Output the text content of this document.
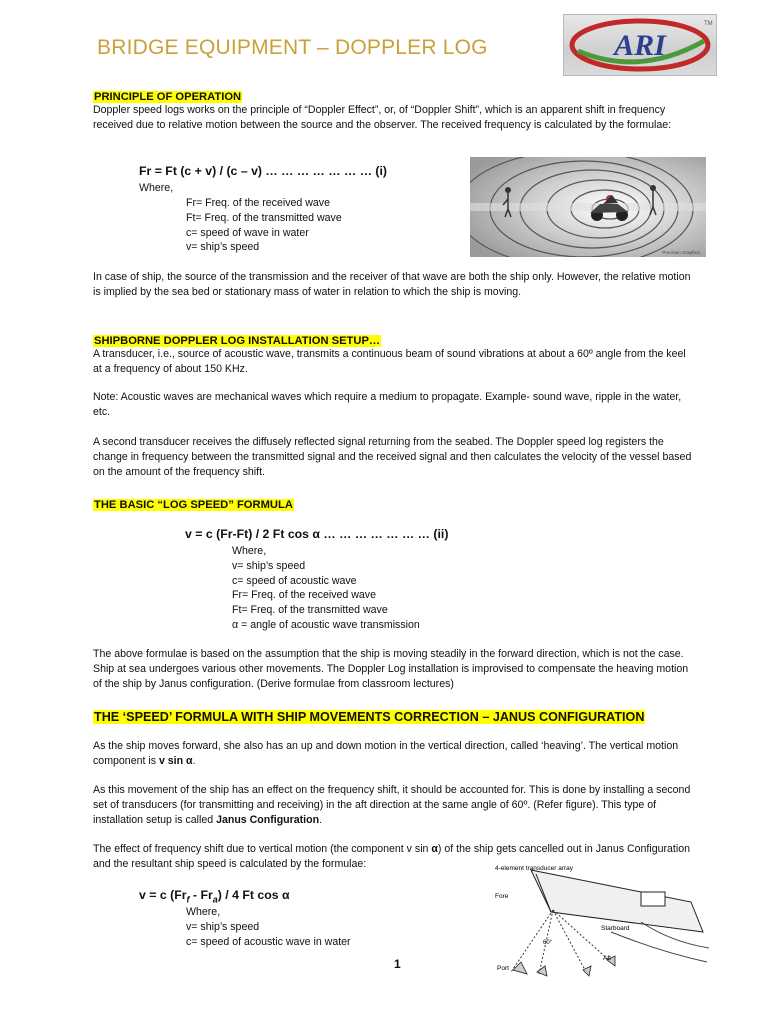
BRIDGE EQUIPMENT – DOPPLER LOG	ARI
TM
PRINCIPLE OF OPERATION

Doppler speed logs works on the principle of “Doppler Effect”, or, of “Doppler Shift”, which is an apparent shift in frequency received due to relative motion between the source and the observer. The received frequency is calculated by the formulae:

Fr = Ft (c + v) / (c – v) … … … … … … … (i)
Where,
Fr= Freq. of the received wave
Ft= Freq. of the transmitted wave
c= speed of wave in water
v= ship’s speed	Precision Graphics

In case of ship, the source of the transmission and the receiver of that wave are both the ship only. However, the relative motion is implied by the sea bed or stationary mass of water in relation to which the ship is moving.

SHIPBORNE DOPPLER LOG INSTALLATION SETUP…

A transducer, i.e., source of acoustic wave, transmits a continuous beam of sound vibrations at about a 60º angle from the keel at a frequency of about 150 KHz.

Note: Acoustic waves are mechanical waves which require a medium to propagate. Example- sound wave, ripple in the water, etc.

A second transducer receives the diffusely reflected signal returning from the seabed. The Doppler speed log registers the change in frequency between the transmitted signal and the received signal and then calculates the velocity of the vessel based on the amount of the frequency shift.

THE BASIC “LOG SPEED” FORMULA
v = c (Fr-Ft) / 2 Ft cos α … … … … … … … (ii)
Where,
v= ship’s speed
c= speed of acoustic wave
Fr= Freq. of the received wave
Ft= Freq. of the transmitted wave
α = angle of acoustic wave transmission

The above formulae is based on the assumption that the ship is moving steadily in the forward direction, which is not the case. Ship at sea undergoes various other movements. The Doppler Log installation is improvised to compensate the heaving motion of the ship by Janus configuration. (Derive formulae from classroom lectures)

THE ‘SPEED’ FORMULA WITH SHIP MOVEMENTS CORRECTION – JANUS CONFIGURATION

As the ship moves forward, she also has an up and down motion in the vertical direction, called ‘heaving’. The vertical motion component is v sin α.

As this movement of the ship has an effect on the frequency shift, it should be accounted for. This is done by installing a second set of transducers (for transmitting and receiving) in the aft direction at the same angle of 60º. (Refer figure). This type of installation setup is called Janus Configuration.

The effect of frequency shift due to vertical motion (the component v sin α) of the ship gets cancelled out in Janus Configuration and the resultant ship speed is calculated by the formulae:

v = c $(Fr_f - Fr_a) / 4$ Ft cos α
Where,
v= ship’s speed
c= speed of acoustic wave in water
4-element transducer array
Fore
Starboard
Aft
Port
60°
1
